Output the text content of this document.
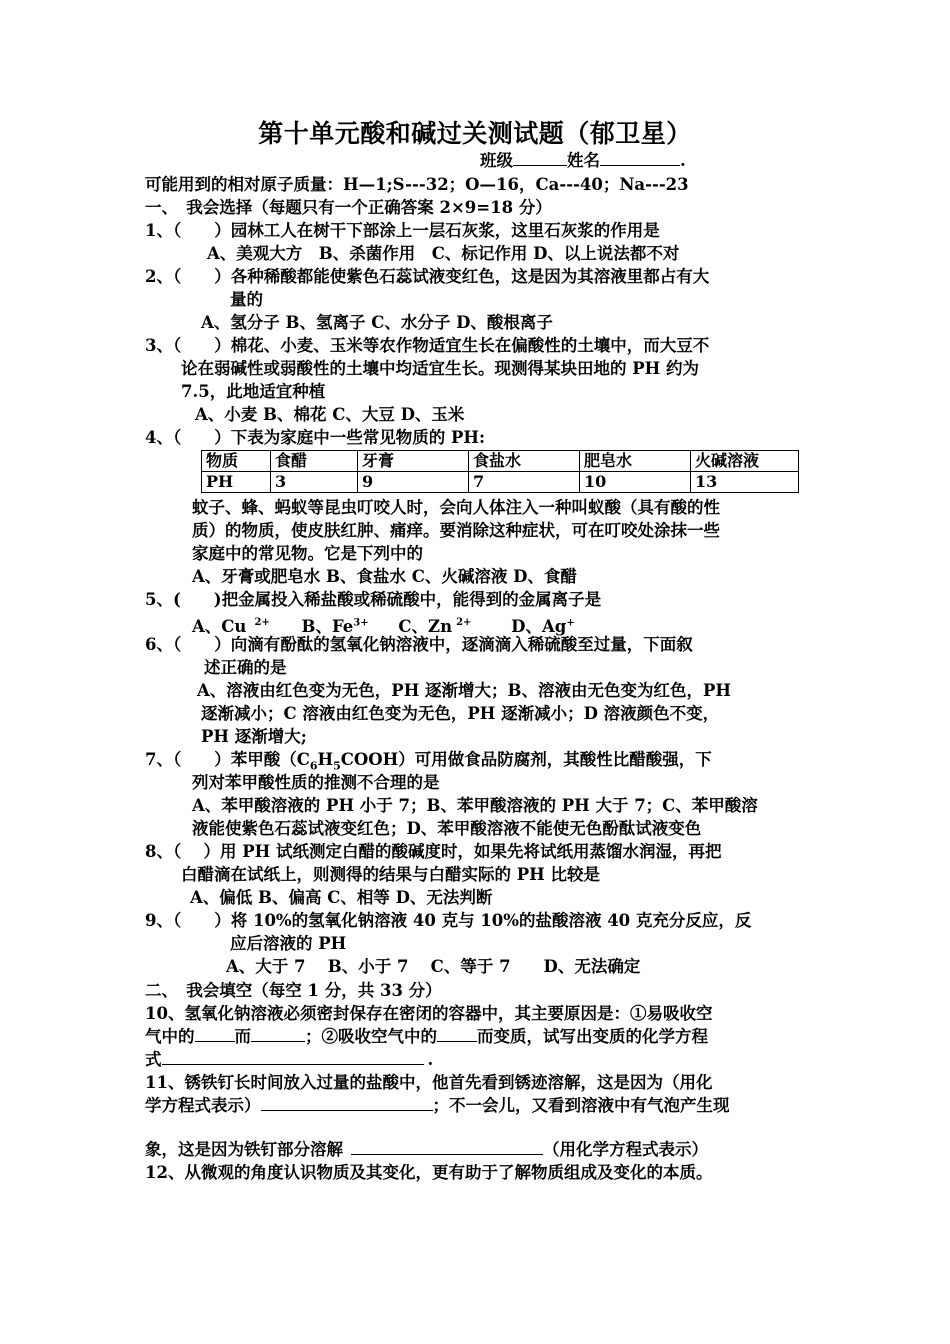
第十单元酸和碱过关测试题（郁卫星）
班级	姓名	.
可能用到的相对原子质量：H—1;S---32；O—16，Ca---40；Na---23
一、　我会选择（每题只有一个正确答案 2×9=18 分）
1、（　　）园林工人在树干下部涂上一层石灰浆，这里石灰浆的作用是
A、美观大方　B、杀菌作用　C、标记作用 D、以上说法都不对
2、（　　）各种稀酸都能使紫色石蕊试液变红色，这是因为其溶液里都占有大
量的
A、氢分子 B、氢离子 C、水分子 D、酸根离子
3、（　　）棉花、小麦、玉米等农作物适宜生长在偏酸性的土壤中，而大豆不
论在弱碱性或弱酸性的土壤中均适宜生长。现测得某块田地的 PH 约为
7.5，此地适宜种植
A、小麦 B、棉花 C、大豆 D、玉米
4、（　　）下表为家庭中一些常见物质的 PH:
物质	食醋	牙膏	食盐水	肥皂水	火碱溶液
PH	3	9	7	10	13
蚊子、蜂、蚂蚁等昆虫叮咬人时，会向人体注入一种叫蚁酸（具有酸的性
质）的物质，使皮肤红肿、痛痒。要消除这种症状，可在叮咬处涂抹一些
家庭中的常见物。它是下列中的
A、牙膏或肥皂水 B、食盐水 C、火碱溶液 D、食醋
5、(　　)把金属投入稀盐酸或稀硫酸中，能得到的金属离子是
A、Cu $^{2+}$ B、$Fe^{3+}$ C、Zn $^{2+}$ D、Ag+
6、（　　）向滴有酚酞的氢氧化钠溶液中，逐滴滴入稀硫酸至过量，下面叙
述正确的是
A、溶液由红色变为无色，PH 逐渐增大；B、溶液由无色变为红色，PH
逐渐减小；C 溶液由红色变为无色，PH 逐渐减小；D 溶液颜色不变，
PH 逐渐增大;
7、（　　）苯甲酸$(C_6H_5COOH)$可用做食品防腐剂，其酸性比醋酸强，下
列对苯甲酸性质的推测不合理的是
A、苯甲酸溶液的 PH 小于 7；B、苯甲酸溶液的 PH 大于 7；C、苯甲酸溶
液能使紫色石蕊试液变红色；D、苯甲酸溶液不能使无色酚酞试液变色
8、（　 ）用 PH 试纸测定白醋的酸碱度时，如果先将试纸用蒸馏水润湿，再把
白醋滴在试纸上，则测得的结果与白醋实际的 PH 比较是
A、偏低 B、偏高 C、相等 D、无法判断
9、（　　）将 10%的氢氧化钠溶液 40 克与 10%的盐酸溶液 40 克充分反应，反
应后溶液的 PH
A、大于 7　 B、小于 7　 C、等于 7　　D、无法确定
二、　我会填空（每空 1 分，共 33 分）
10、氢氧化钠溶液必须密封保存在密闭的容器中，其主要原因是：①易吸收空
气中的 而	；②吸收空气中的 而变质，试写出变质的化学方程
式	.
11、锈铁钉长时间放入过量的盐酸中，他首先看到锈迹溶解，这是因为（用化
学方程式表示）	；不一会儿，又看到溶液中有气泡产生现
象，这是因为铁钉部分溶解	（用化学方程式表示）
12、从微观的角度认识物质及其变化，更有助于了解物质组成及变化的本质。
